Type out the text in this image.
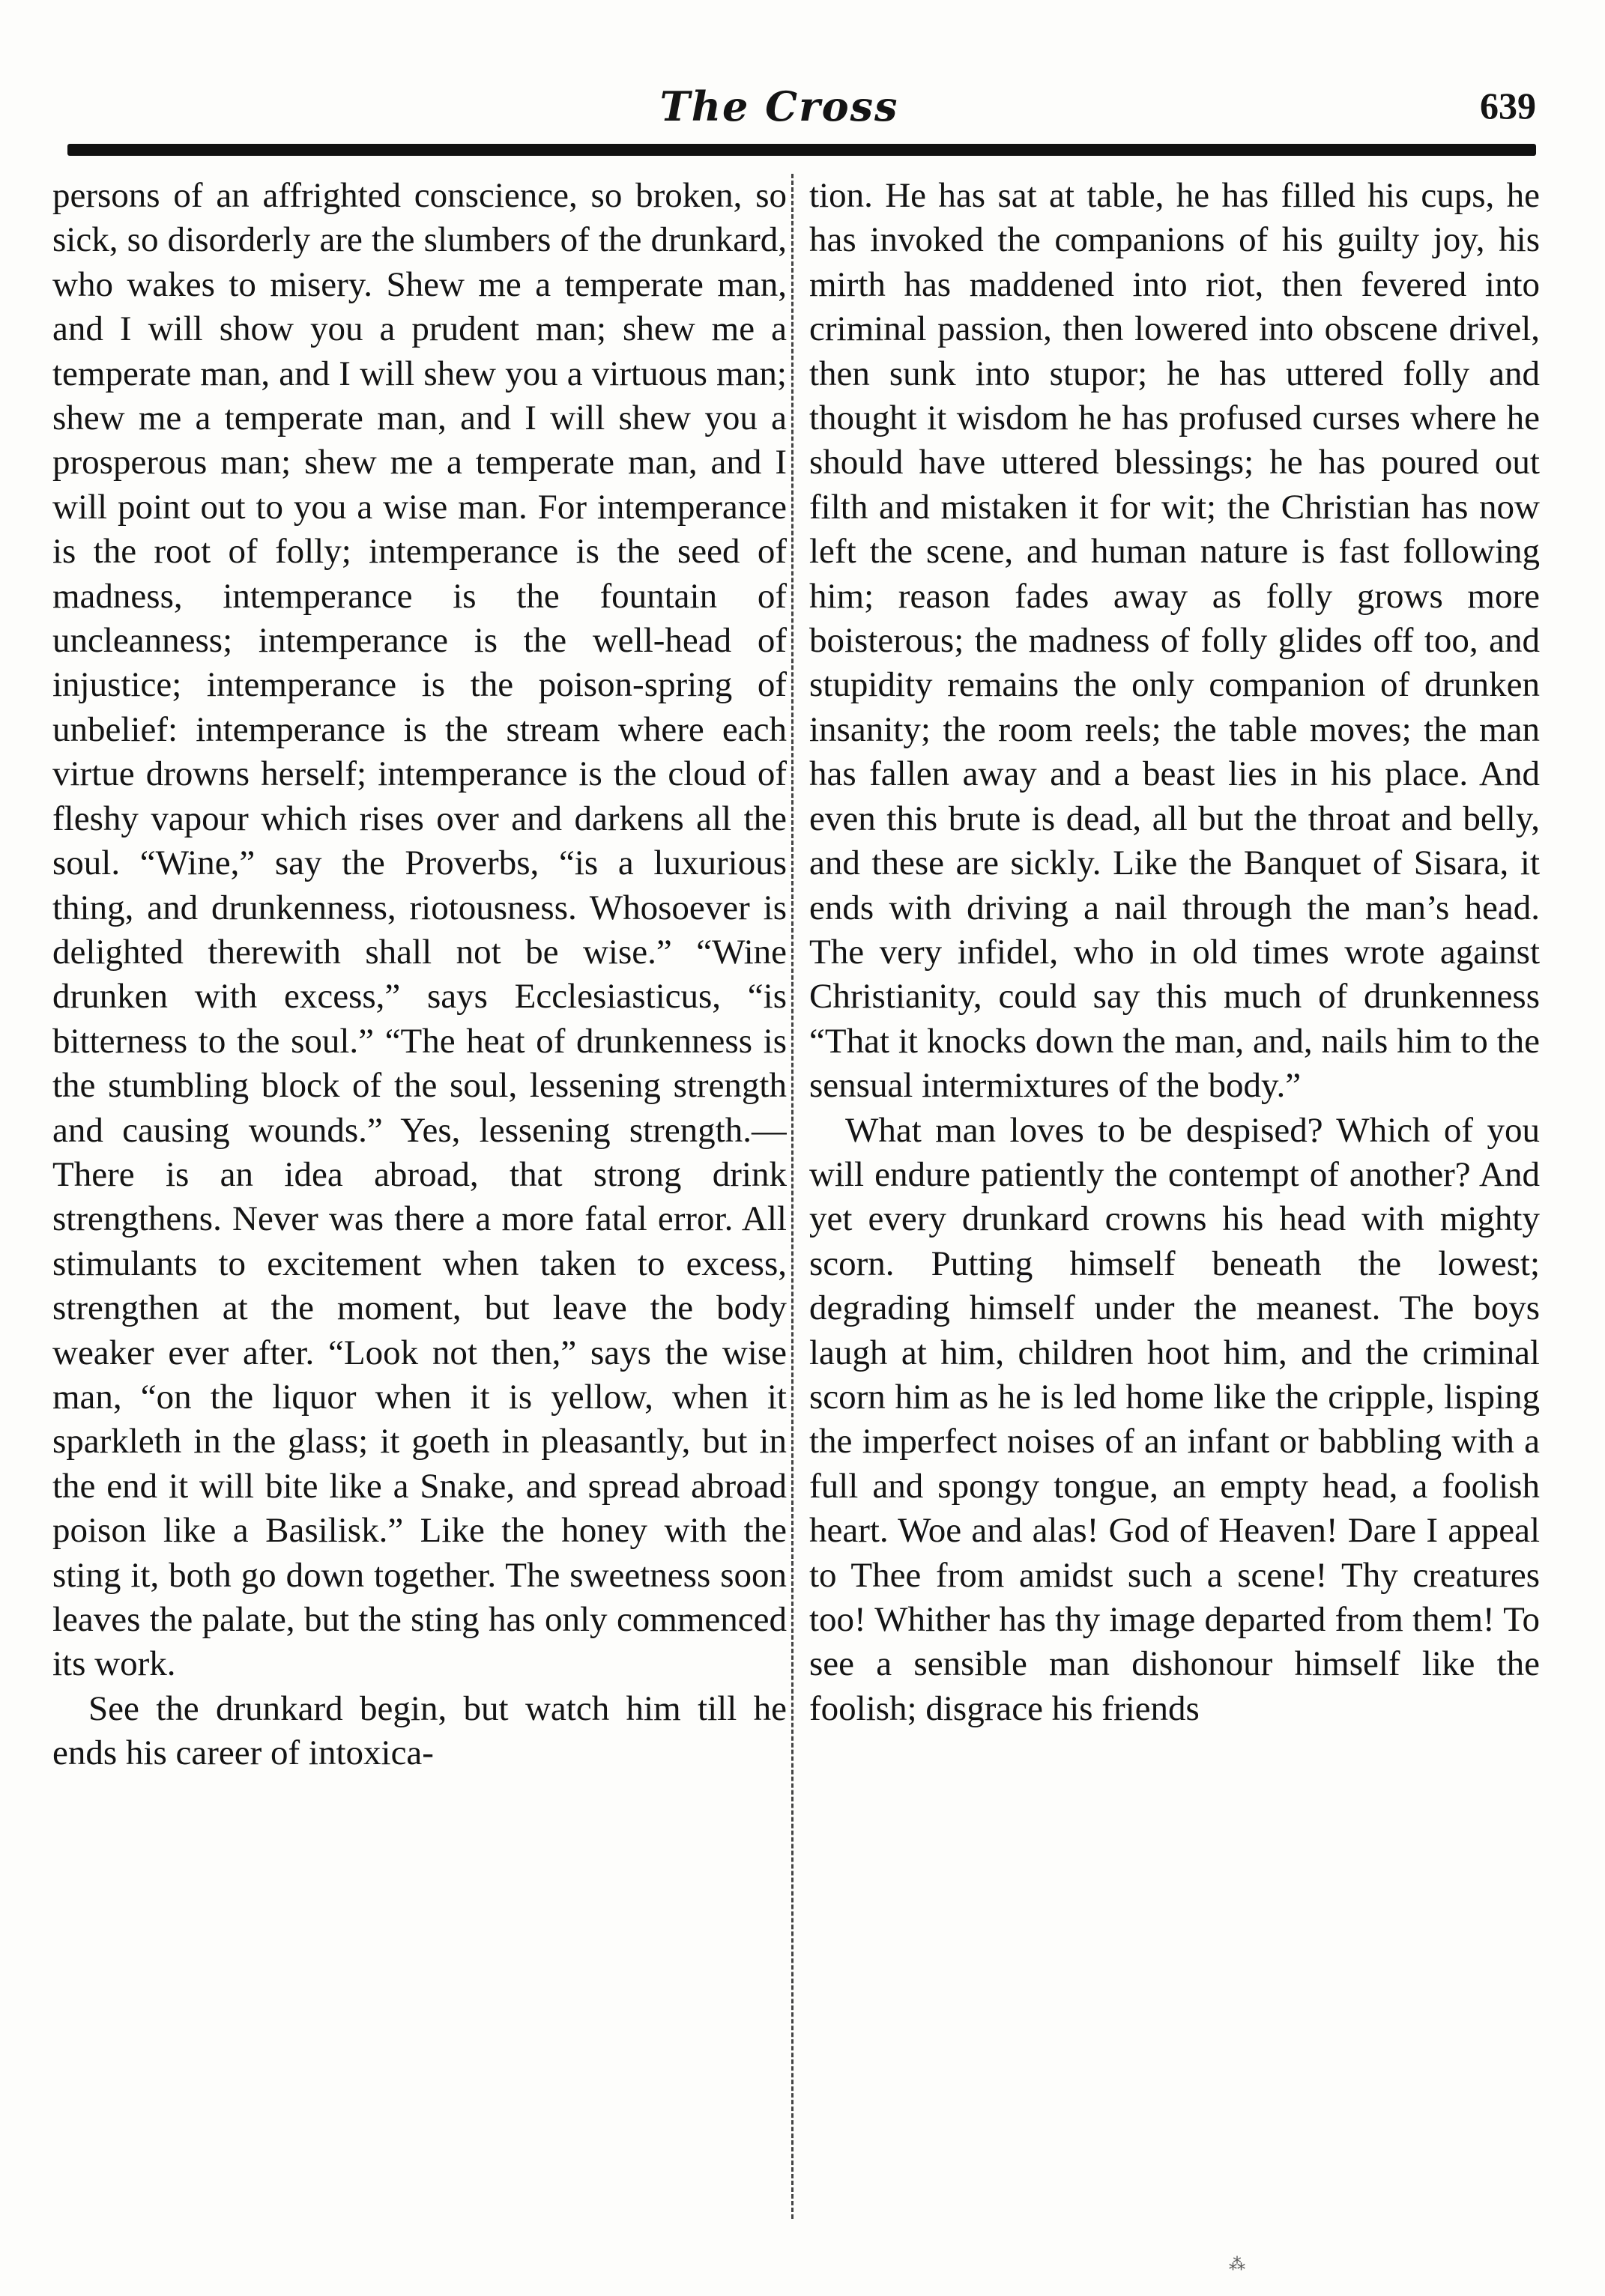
The Cross	639

persons of an affrighted conscience, so broken, so sick, so disorderly are the slumbers of the drunkard, who wakes to misery. Shew me a temperate man, and I will show you a prudent man; shew me a temperate man, and I will shew you a virtuous man; shew me a temperate man, and I will shew you a prosperous man; shew me a temperate man, and I will point out to you a wise man. For intemperance is the root of folly; intemperance is the seed of madness, intemperance is the fountain of uncleanness; intemperance is the well-head of injustice; intemperance is the poison-spring of unbelief: intemperance is the stream where each virtue drowns herself; intemperance is the cloud of fleshy vapour which rises over and darkens all the soul. “Wine,” say the Proverbs, “is a luxurious thing, and drunkenness, riotousness. Whosoever is delighted therewith shall not be wise.” “Wine drunken with excess,” says Ecclesiasticus, “is bitterness to the soul.” “The heat of drunkenness is the stumbling block of the soul, lessening strength and causing wounds.” Yes, lessening strength.— There is an idea abroad, that strong drink strengthens. Never was there a more fatal error. All stimulants to excitement when taken to excess, strengthen at the moment, but leave the body weaker ever after. “Look not then,” says the wise man, “on the liquor when it is yellow, when it sparkleth in the glass; it goeth in pleasantly, but in the end it will bite like a Snake, and spread abroad poison like a Basilisk.” Like the honey with the sting it, both go down together. The sweetness soon leaves the palate, but the sting has only commenced its work.

See the drunkard begin, but watch him till he ends his career of intoxica-

tion. He has sat at table, he has filled his cups, he has invoked the companions of his guilty joy, his mirth has maddened into riot, then fevered into criminal passion, then lowered into obscene drivel, then sunk into stupor; he has uttered folly and thought it wisdom he has profused curses where he should have uttered blessings; he has poured out filth and mistaken it for wit; the Christian has now left the scene, and human nature is fast following him; reason fades away as folly grows more boisterous; the madness of folly glides off too, and stupidity remains the only companion of drunken insanity; the room reels; the table moves; the man has fallen away and a beast lies in his place. And even this brute is dead, all but the throat and belly, and these are sickly. Like the Banquet of Sisara, it ends with driving a nail through the man’s head. The very infidel, who in old times wrote against Christianity, could say this much of drunkenness “That it knocks down the man, and, nails him to the sensual intermixtures of the body.”

What man loves to be despised? Which of you will endure patiently the contempt of another? And yet every drunkard crowns his head with mighty scorn. Putting himself beneath the lowest; degrading himself under the meanest. The boys laugh at him, children hoot him, and the criminal scorn him as he is led home like the cripple, lisping the imperfect noises of an infant or babbling with a full and spongy tongue, an empty head, a foolish heart. Woe and alas! God of Heaven! Dare I appeal to Thee from amidst such a scene! Thy creatures too! Whither has thy image departed from them! To see a sensible man dishonour himself like the foolish; disgrace his friends

⁂
